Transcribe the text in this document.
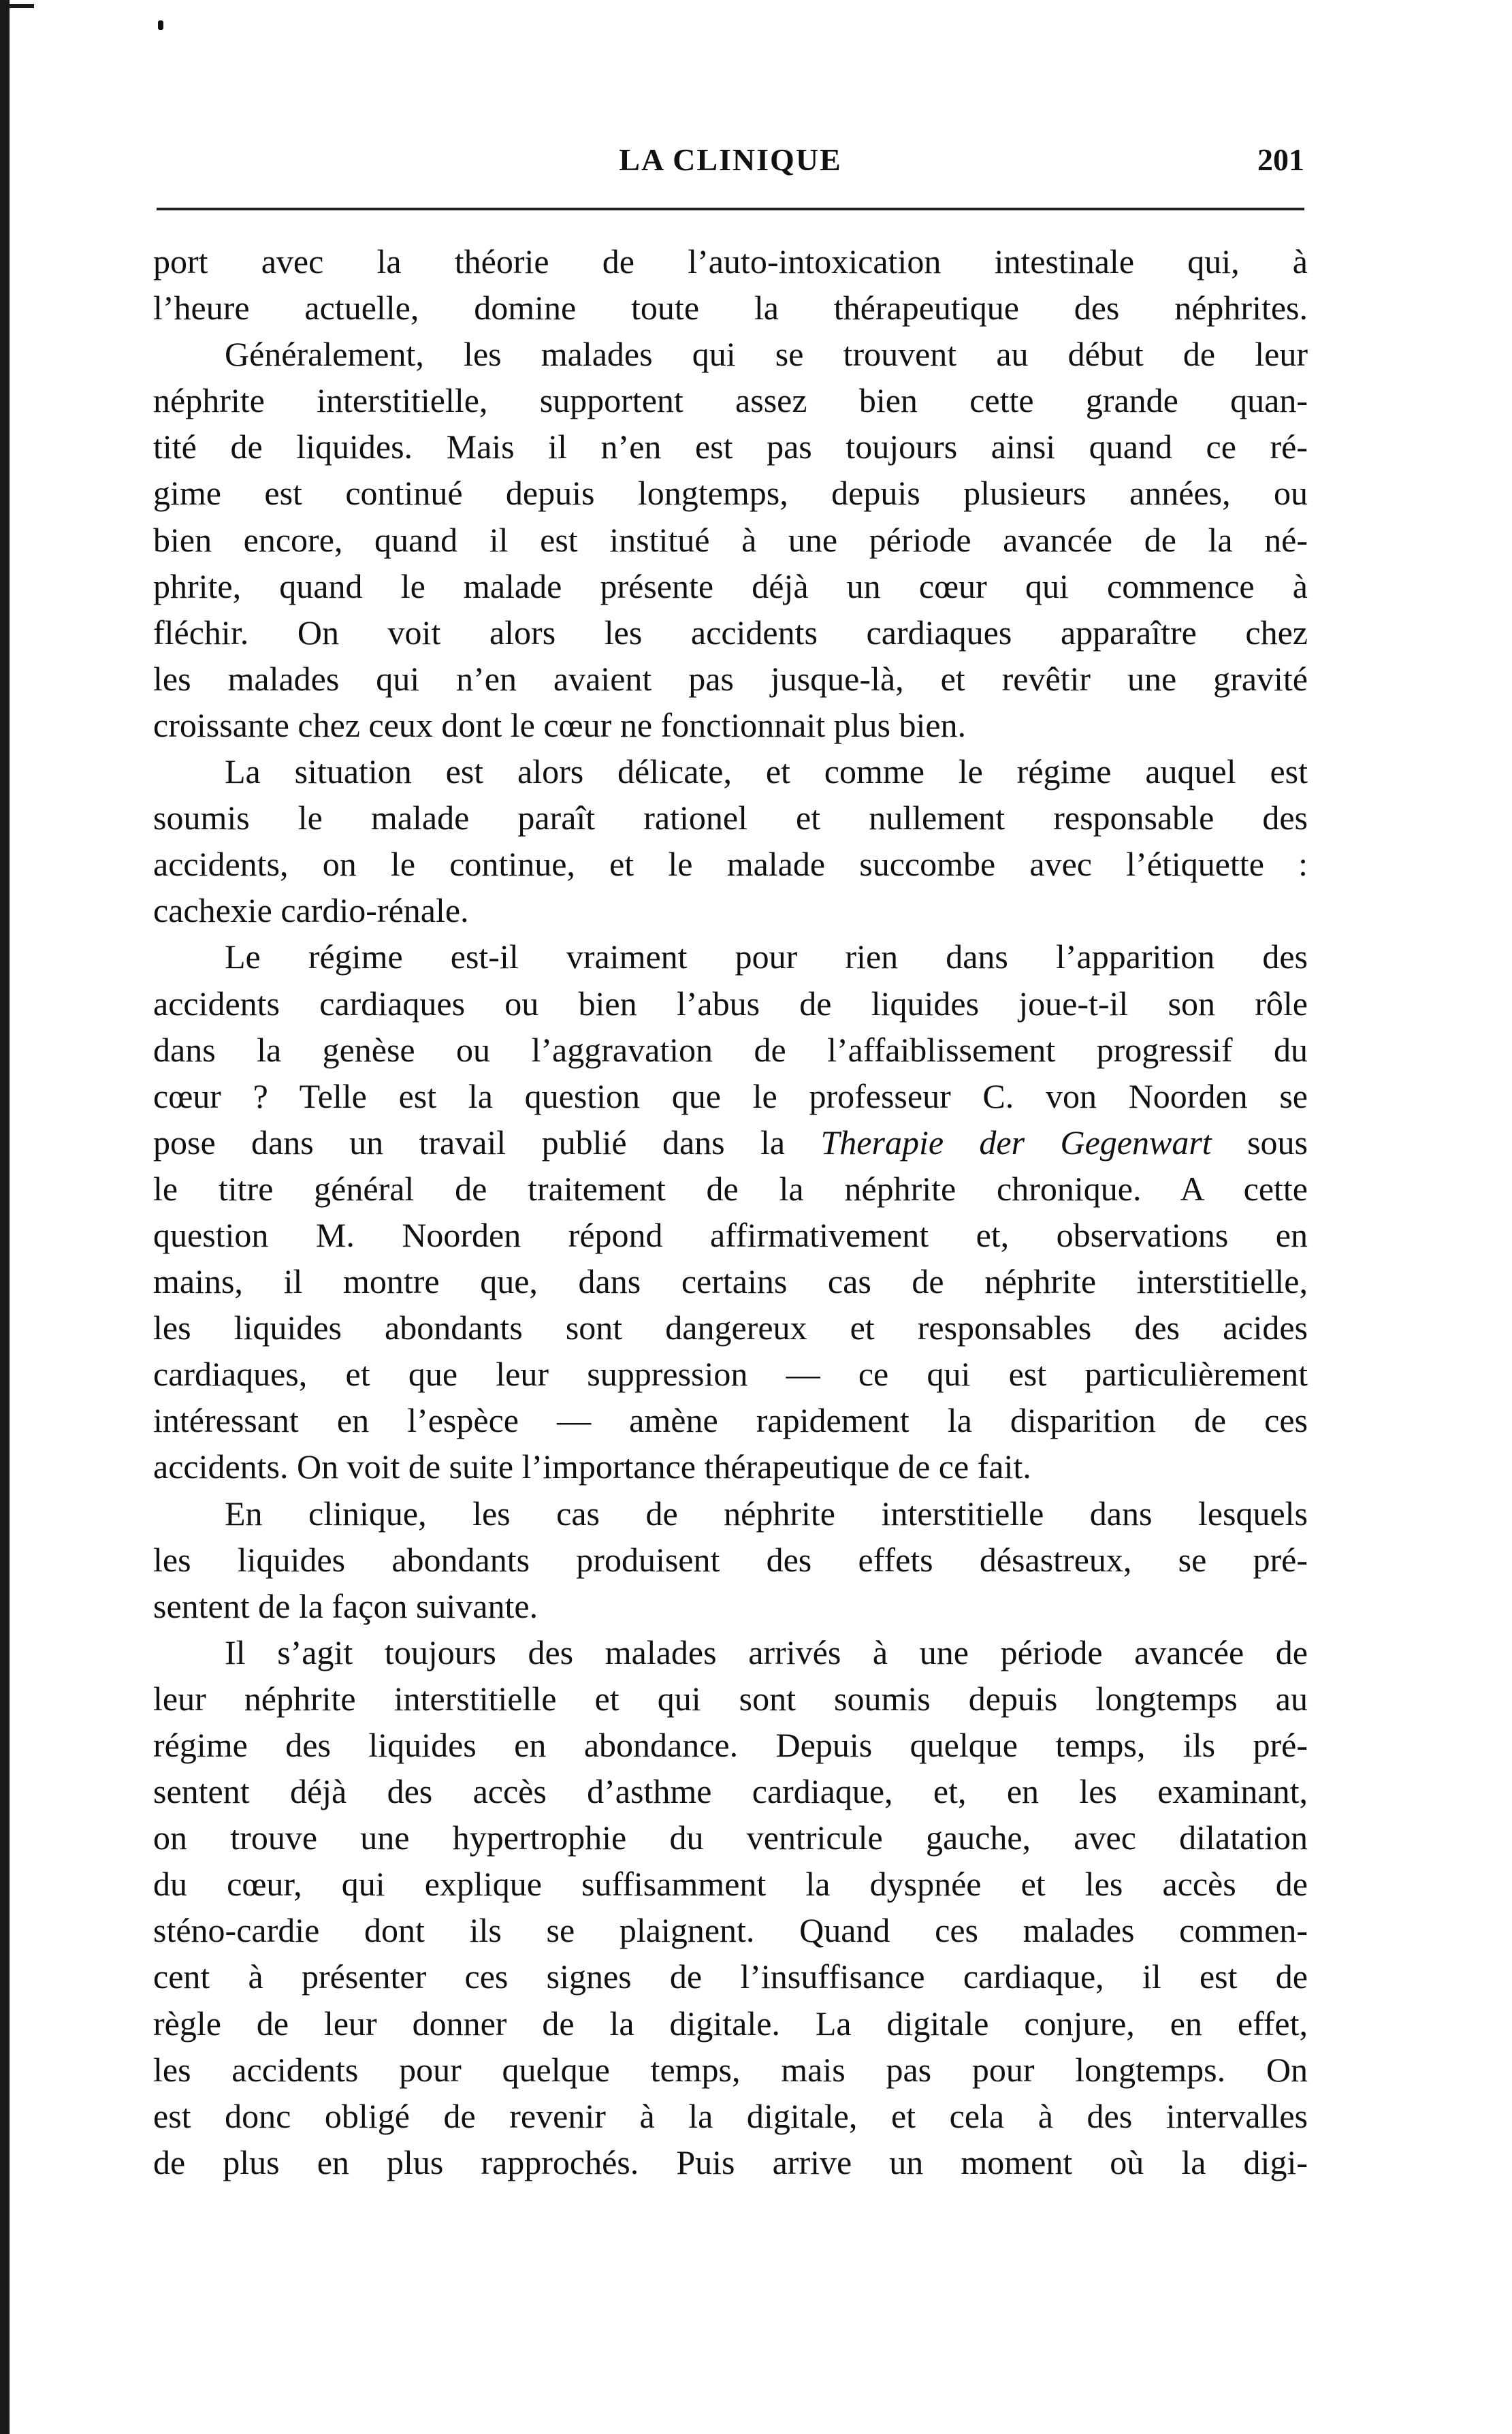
LA CLINIQUE	201
port avec la théorie de l’auto-intoxication intestinale qui, à
l’heure actuelle, domine toute la thérapeutique des néphrites.
Généralement, les malades qui se trouvent au début de leur
néphrite interstitielle, supportent assez bien cette grande quan-
tité de liquides. Mais il n’en est pas toujours ainsi quand ce ré-
gime est continué depuis longtemps, depuis plusieurs années, ou
bien encore, quand il est institué à une période avancée de la né-
phrite, quand le malade présente déjà un cœur qui commence à
fléchir. On voit alors les accidents cardiaques apparaître chez
les malades qui n’en avaient pas jusque-là, et revêtir une gravité
croissante chez ceux dont le cœur ne fonctionnait plus bien.
La situation est alors délicate, et comme le régime auquel est
soumis le malade paraît rationel et nullement responsable des
accidents, on le continue, et le malade succombe avec l’étiquette :
cachexie cardio-rénale.
Le régime est-il vraiment pour rien dans l’apparition des
accidents cardiaques ou bien l’abus de liquides joue-t-il son rôle
dans la genèse ou l’aggravation de l’affaiblissement progressif du
cœur ? Telle est la question que le professeur C. von Noorden se
pose dans un travail publié dans la Therapie der Gegenwart sous
le titre général de traitement de la néphrite chronique. A cette
question M. Noorden répond affirmativement et, observations en
mains, il montre que, dans certains cas de néphrite interstitielle,
les liquides abondants sont dangereux et responsables des acides
cardiaques, et que leur suppression — ce qui est particulièrement
intéressant en l’espèce — amène rapidement la disparition de ces
accidents. On voit de suite l’importance thérapeutique de ce fait.
En clinique, les cas de néphrite interstitielle dans lesquels
les liquides abondants produisent des effets désastreux, se pré-
sentent de la façon suivante.
Il s’agit toujours des malades arrivés à une période avancée de
leur néphrite interstitielle et qui sont soumis depuis longtemps au
régime des liquides en abondance. Depuis quelque temps, ils pré-
sentent déjà des accès d’asthme cardiaque, et, en les examinant,
on trouve une hypertrophie du ventricule gauche, avec dilatation
du cœur, qui explique suffisamment la dyspnée et les accès de
sténo-cardie dont ils se plaignent. Quand ces malades commen-
cent à présenter ces signes de l’insuffisance cardiaque, il est de
règle de leur donner de la digitale. La digitale conjure, en effet,
les accidents pour quelque temps, mais pas pour longtemps. On
est donc obligé de revenir à la digitale, et cela à des intervalles
de plus en plus rapprochés. Puis arrive un moment où la digi-
